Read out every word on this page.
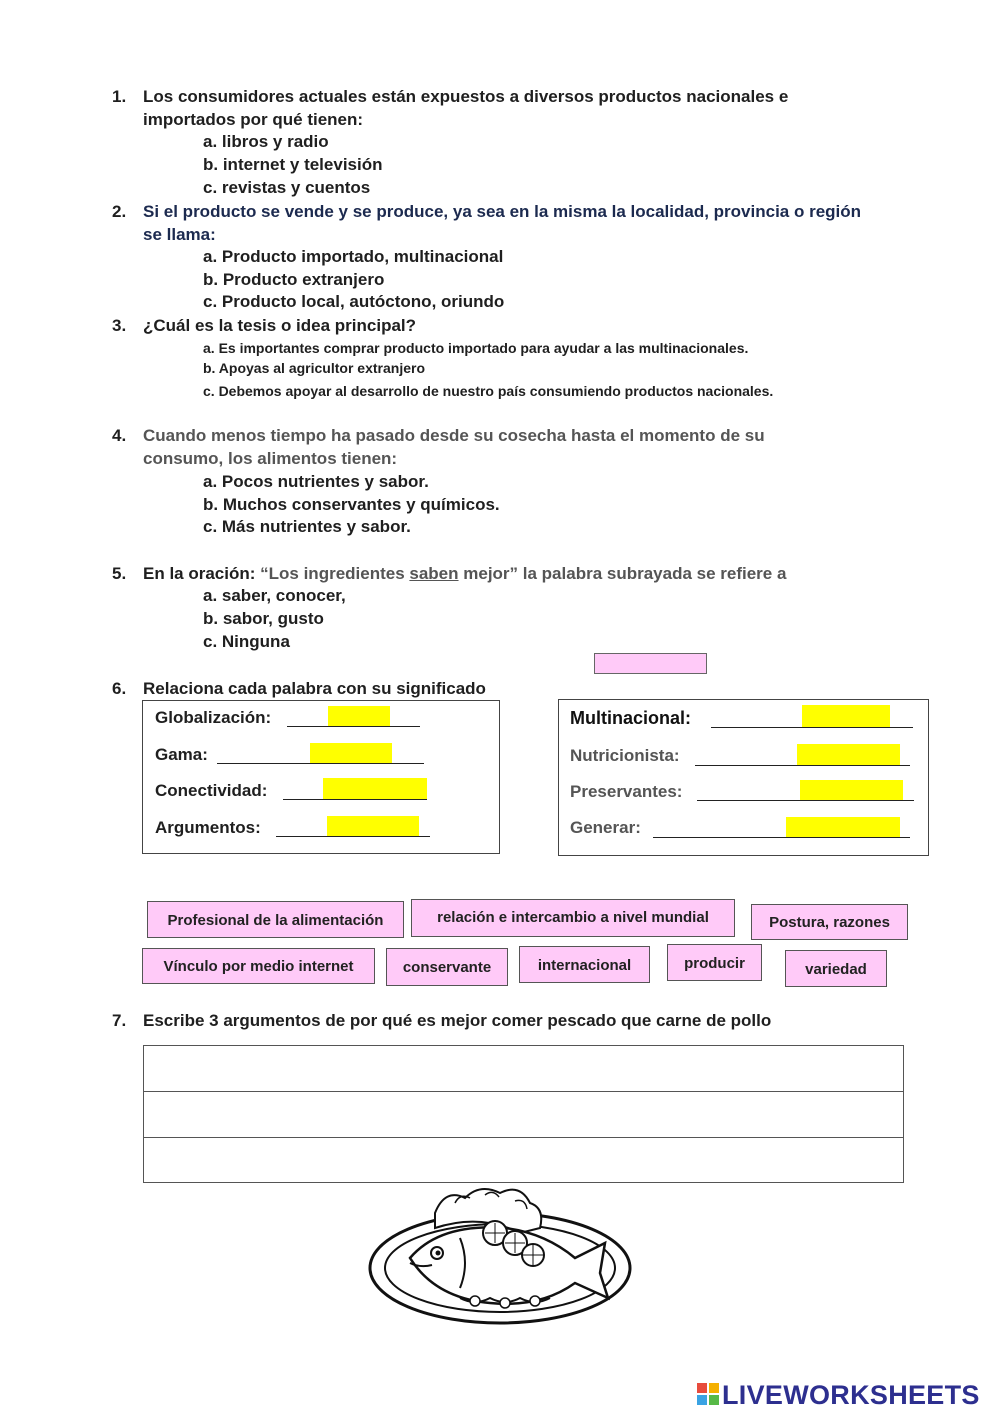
1. Los consumidores actuales están expuestos a diversos productos nacionales e importados por qué tienen:
a. libros y radio
b. internet y televisión
c. revistas y cuentos
2. Si el producto se vende y se produce, ya sea en la misma la localidad, provincia o región se llama:
a. Producto importado, multinacional
b. Producto extranjero
c. Producto local, autóctono, oriundo
3. ¿Cuál es la tesis o idea principal?
a. Es importantes comprar producto importado para ayudar a las multinacionales.
b. Apoyas al agricultor extranjero
c. Debemos apoyar al desarrollo de nuestro país consumiendo productos nacionales.
4. Cuando menos tiempo ha pasado desde su cosecha hasta el momento de su consumo, los alimentos tienen:
a. Pocos nutrientes y sabor.
b. Muchos conservantes y químicos.
c. Más nutrientes y sabor.
5. En la oración: “Los ingredientes saben mejor” la palabra subrayada se refiere a
a. saber, conocer,
b. sabor, gusto
c. Ninguna
6. Relaciona cada palabra con su significado
Globalización:
Gama:
Conectividad:
Argumentos:
Multinacional:
Nutricionista:
Preservantes:
Generar:
Profesional de la alimentación	relación e intercambio a nivel mundial	Postura, razones
Vínculo por medio internet	conservante	internacional	producir	variedad
7. Escribe 3 argumentos de por qué es mejor comer pescado que carne de pollo
LIVEWORKSHEETS
